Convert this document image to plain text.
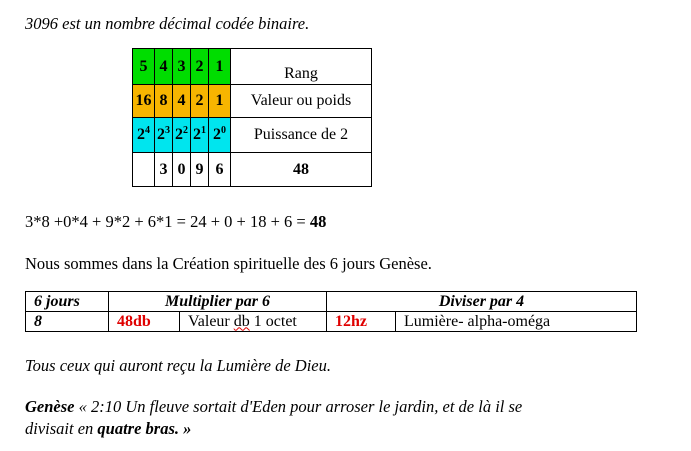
3096 est un nombre décimal codée binaire.
5	4	3	2	1	Rang
16	8	4	2	1	Valeur ou poids
$2^4$	$2^3$	$2^2$	$2^1$	$2^0$	Puissance de 2
	3	0	9	6	48
3*8 +0*4 + 9*2 + 6*1 = 24 + 0 + 18 + 6 = 48
Nous sommes dans la Création spirituelle des 6 jours Genèse.
6 jours	Multiplier par 6		Diviser par 4	
8	48db	Valeur db 1 octet	12hz	Lumière- alpha-oméga
Tous ceux qui auront reçu la Lumière de Dieu.
Genèse « 2:10 Un fleuve sortait d'Eden pour arroser le jardin, et de là il se
divisait en quatre bras. »
